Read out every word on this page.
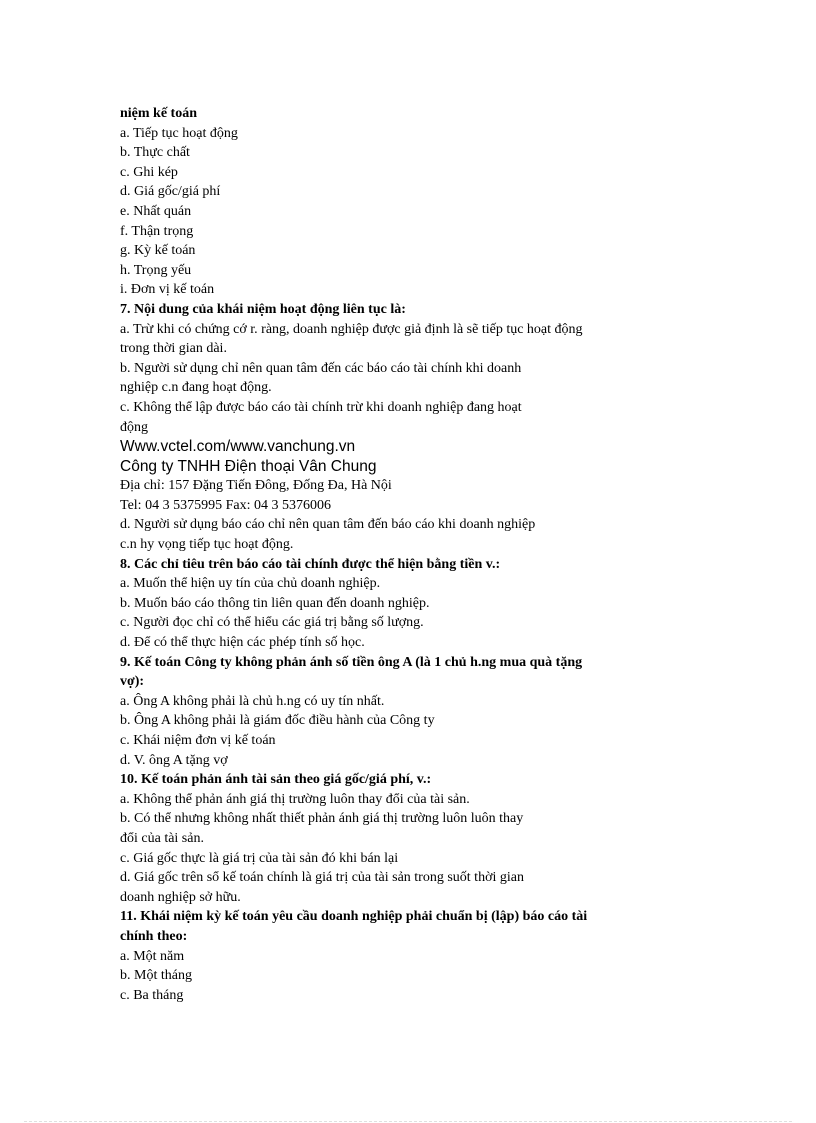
niệm kế toán
a. Tiếp tục hoạt động
b. Thực chất
c. Ghi kép
d. Giá gốc/giá phí
e. Nhất quán
f. Thận trọng
g. Kỳ kế toán
h. Trọng yếu
i. Đơn vị kế toán
7. Nội dung của khái niệm hoạt động liên tục là:
a. Trừ khi có chứng cớ r. ràng, doanh nghiệp được giả định là sẽ tiếp tục hoạt động
trong thời gian dài.
b. Người sử dụng chỉ nên quan tâm đến các báo cáo tài chính khi doanh
nghiệp c.n đang hoạt động.
c. Không thể lập được báo cáo tài chính trừ khi doanh nghiệp đang hoạt
động
Www.vctel.com/www.vanchung.vn
Công ty TNHH Điện thoại Vân Chung
Địa chỉ: 157 Đặng Tiến Đông, Đống Đa, Hà Nội
Tel: 04 3 5375995 Fax: 04 3 5376006
d. Người sử dụng báo cáo chỉ nên quan tâm đến báo cáo khi doanh nghiệp
c.n hy vọng tiếp tục hoạt động.
8. Các chỉ tiêu trên báo cáo tài chính được thể hiện bằng tiền v.:
a. Muốn thể hiện uy tín của chủ doanh nghiệp.
b. Muốn báo cáo thông tin liên quan đến doanh nghiệp.
c. Người đọc chỉ có thể hiểu các giá trị bằng số lượng.
d. Để có thể thực hiện các phép tính số học.
9. Kế toán Công ty không phản ánh số tiền ông A (là 1 chủ h.ng mua quà tặng
vợ):
a. Ông A không phải là chủ h.ng có uy tín nhất.
b. Ông A không phải là giám đốc điều hành của Công ty
c. Khái niệm đơn vị kế toán
d. V. ông A tặng vợ
10. Kế toán phản ánh tài sản theo giá gốc/giá phí, v.:
a. Không thể phản ánh giá thị trường luôn thay đổi của tài sản.
b. Có thể nhưng không nhất thiết phản ánh giá thị trường luôn luôn thay
đổi của tài sản.
c. Giá gốc thực là giá trị của tài sản đó khi bán lại
d. Giá gốc trên sổ kế toán chính là giá trị của tài sản trong suốt thời gian
doanh nghiệp sở hữu.
11. Khái niệm kỳ kế toán yêu cầu doanh nghiệp phải chuẩn bị (lập) báo cáo tài
chính theo:
a. Một năm
b. Một tháng
c. Ba tháng
